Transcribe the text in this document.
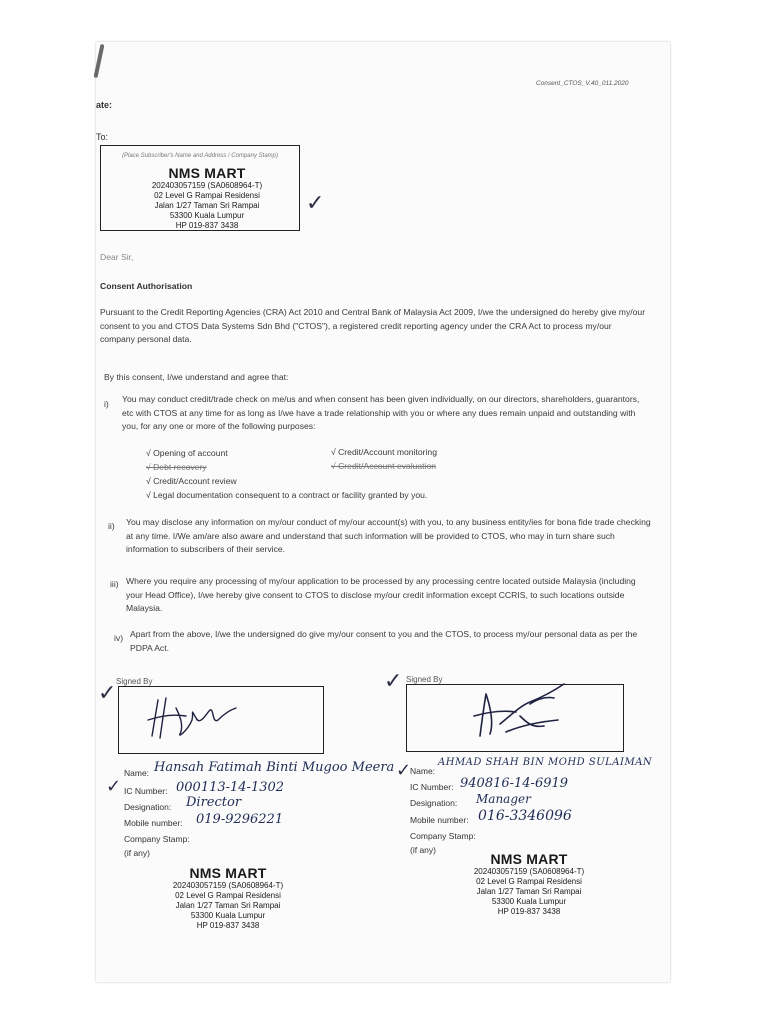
Consent_CTOS_V.40_011.2020
ate:
To:
(Place Subscriber's Name and Address / Company Stamp)
NMS MART
202403057159 (SA0608964-T)
02 Level G Rampai Residensi
Jalan 1/27 Taman Sri Rampai
53300 Kuala Lumpur
HP 019-837 3438
✓
Dear Sir,
Consent Authorisation
Pursuant to the Credit Reporting Agencies (CRA) Act 2010 and Central Bank of Malaysia Act 2009, I/we the undersigned do hereby give my/our consent to you and CTOS Data Systems Sdn Bhd ("CTOS"), a registered credit reporting agency under the CRA Act to process my/our company personal data.
By this consent, I/we understand and agree that:
i) You may conduct credit/trade check on me/us and when consent has been given individually, on our directors, shareholders, guarantors, etc with CTOS at any time for as long as I/we have a trade relationship with you or where any dues remain unpaid and outstanding with you, for any one or more of the following purposes:
√ Opening of account	√ Credit/Account monitoring
√ Debt recovery	√ Credit/Account evaluation
√ Credit/Account review
√ Legal documentation consequent to a contract or facility granted by you.
ii) You may disclose any information on my/our conduct of my/our account(s) with you, to any business entity/ies for bona fide trade checking at any time. I/We am/are also aware and understand that such information will be provided to CTOS, who may in turn share such information to subscribers of their service.
iii) Where you require any processing of my/our application to be processed by any processing centre located outside Malaysia (including your Head Office), I/we hereby give consent to CTOS to disclose my/our credit information except CCRIS, to such locations outside Malaysia.
iv) Apart from the above, I/we the undersigned do give my/our consent to you and the CTOS, to process my/our personal data as per the PDPA Act.
✓ Signed By
Name: Hansah Fatimah Binti Mugoo Meera
✓ IC Number: 000113-14-1302
Designation: Director
Mobile number: 019-9296221
Company Stamp:
(if any)
NMS MART
202403057159 (SA0608964-T)
02 Level G Rampai Residensi
Jalan 1/27 Taman Sri Rampai
53300 Kuala Lumpur
HP 019-837 3438
✓ Signed By
✓
Name:
AHMAD SHAH BIN MOHD SULAIMAN
IC Number: 940816-14-6919
Designation: Manager
Mobile number: 016-3346096
Company Stamp:
(if any)
NMS MART
202403057159 (SA0608964-T)
02 Level G Rampai Residensi
Jalan 1/27 Taman Sri Rampai
53300 Kuala Lumpur
HP 019-837 3438
